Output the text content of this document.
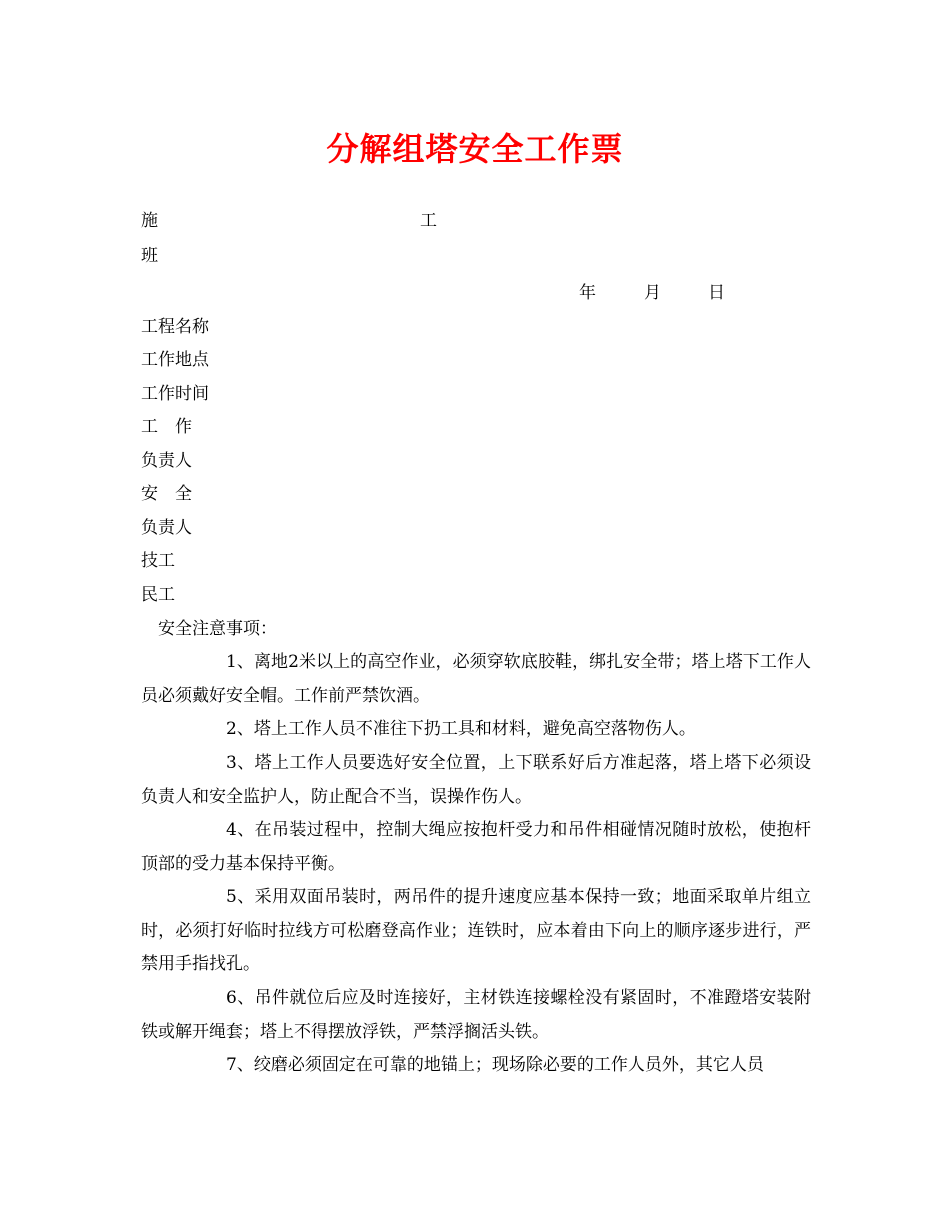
分解组塔安全工作票
施	工
班
年	月	日
工程名称
工作地点
工作时间
工作
负责人
安全
负责人
技工
民工
安全注意事项：
1、离地2米以上的高空作业，必须穿软底胶鞋，绑扎安全带；塔上塔下工作人员必须戴好安全帽。工作前严禁饮酒。
2、塔上工作人员不准往下扔工具和材料，避免高空落物伤人。
3、塔上工作人员要选好安全位置，上下联系好后方准起落，塔上塔下必须设负责人和安全监护人，防止配合不当，误操作伤人。
4、在吊装过程中，控制大绳应按抱杆受力和吊件相碰情况随时放松，使抱杆顶部的受力基本保持平衡。
5、采用双面吊装时，两吊件的提升速度应基本保持一致；地面采取单片组立时，必须打好临时拉线方可松磨登高作业；连铁时，应本着由下向上的顺序逐步进行，严禁用手指找孔。
6、吊件就位后应及时连接好，主材铁连接螺栓没有紧固时，不准蹬塔安装附铁或解开绳套；塔上不得摆放浮铁，严禁浮搁活头铁。
7、绞磨必须固定在可靠的地锚上；现场除必要的工作人员外，其它人员
